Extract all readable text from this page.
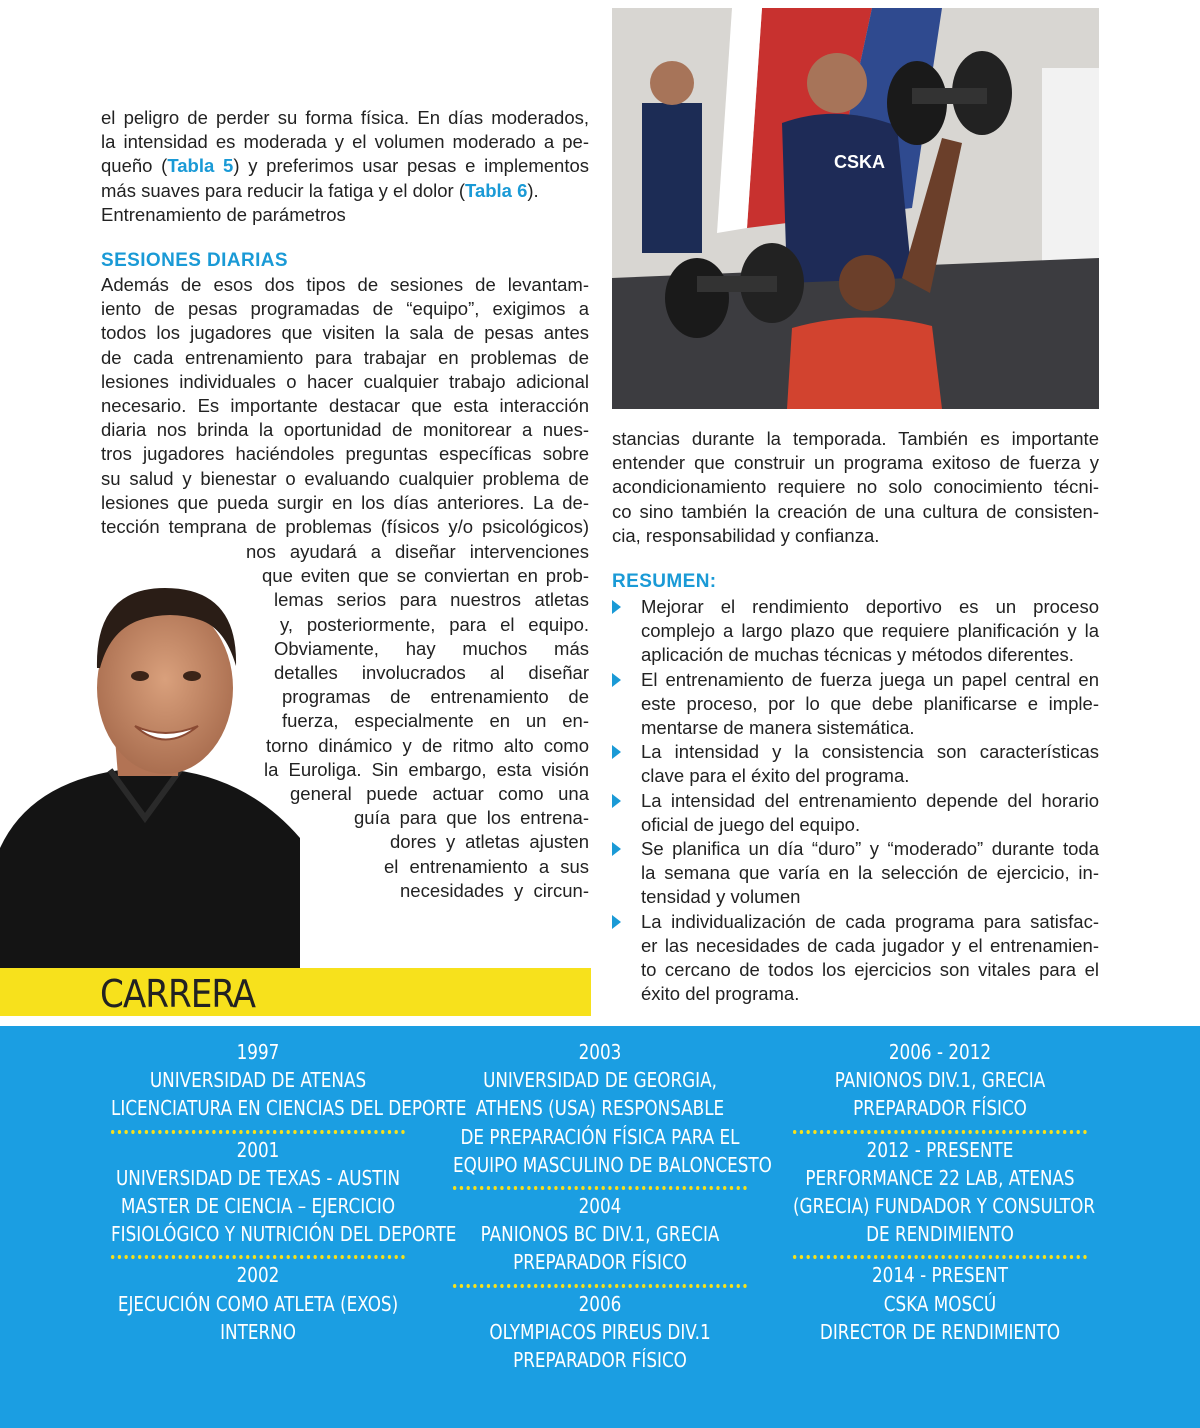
el peligro de perder su forma física. En días moderados,
la intensidad es moderada y el volumen moderado a pe-
queño (Tabla 5) y preferimos usar pesas e implementos
más suaves para reducir la fatiga y el dolor (Tabla 6).
Entrenamiento de parámetros
SESIONES DIARIAS
Además de esos dos tipos de sesiones de levantam-
iento de pesas programadas de “equipo”, exigimos a
todos los jugadores que visiten la sala de pesas antes
de cada entrenamiento para trabajar en problemas de
lesiones individuales o hacer cualquier trabajo adicional
necesario. Es importante destacar que esta interacción
diaria nos brinda la oportunidad de monitorear a nues-
tros jugadores haciéndoles preguntas específicas sobre
su salud y bienestar o evaluando cualquier problema de
lesiones que pueda surgir en los días anteriores. La de-
tección temprana de problemas (físicos y/o psicológicos)
nos ayudará a diseñar intervenciones
que eviten que se conviertan en prob-
lemas serios para nuestros atletas
y, posteriormente, para el equipo.
Obviamente, hay muchos más
detalles involucrados al diseñar
programas de entrenamiento de
fuerza, especialmente en un en-
torno dinámico y de ritmo alto como
la Euroliga. Sin embargo, esta visión
general puede actuar como una
guía para que los entrena-
dores y atletas ajusten
el entrenamiento a sus
necesidades y circun-
CSKA
stancias durante la temporada. También es importante
entender que construir un programa exitoso de fuerza y
acondicionamiento requiere no solo conocimiento técni-
co sino también la creación de una cultura de consisten-
cia, responsabilidad y confianza.
RESUMEN:
Mejorar el rendimiento deportivo es un proceso
complejo a largo plazo que requiere planificación y la
aplicación de muchas técnicas y métodos diferentes.
El entrenamiento de fuerza juega un papel central en
este proceso, por lo que debe planificarse e imple-
mentarse de manera sistemática.
La intensidad y la consistencia son características
clave para el éxito del programa.
La intensidad del entrenamiento depende del horario
oficial de juego del equipo.
Se planifica un día “duro” y “moderado” durante toda
la semana que varía en la selección de ejercicio, in-
tensidad y volumen
La individualización de cada programa para satisfac-
er las necesidades de cada jugador y el entrenamien-
to cercano de todos los ejercicios son vitales para el
éxito del programa.
CARRERA
1997
UNIVERSIDAD DE ATENAS
LICENCIATURA EN CIENCIAS DEL DEPORTE
2001
UNIVERSIDAD DE TEXAS - AUSTIN
MASTER DE CIENCIA – EJERCICIO
FISIOLÓGICO Y NUTRICIÓN DEL DEPORTE
2002
EJECUCIÓN COMO ATLETA (EXOS)
INTERNO
2003
UNIVERSIDAD DE GEORGIA,
ATHENS (USA) RESPONSABLE
DE PREPARACIÓN FÍSICA PARA EL
EQUIPO MASCULINO DE BALONCESTO
2004
PANIONOS BC DIV.1, GRECIA
PREPARADOR FÍSICO
2006
OLYMPIACOS PIREUS DIV.1
PREPARADOR FÍSICO
2006 - 2012
PANIONOS DIV.1, GRECIA
PREPARADOR FÍSICO
2012 - PRESENTE
PERFORMANCE 22 LAB, ATENAS
(GRECIA) FUNDADOR Y CONSULTOR
DE RENDIMIENTO
2014 - PRESENT
CSKA MOSCÚ
DIRECTOR DE RENDIMIENTO
